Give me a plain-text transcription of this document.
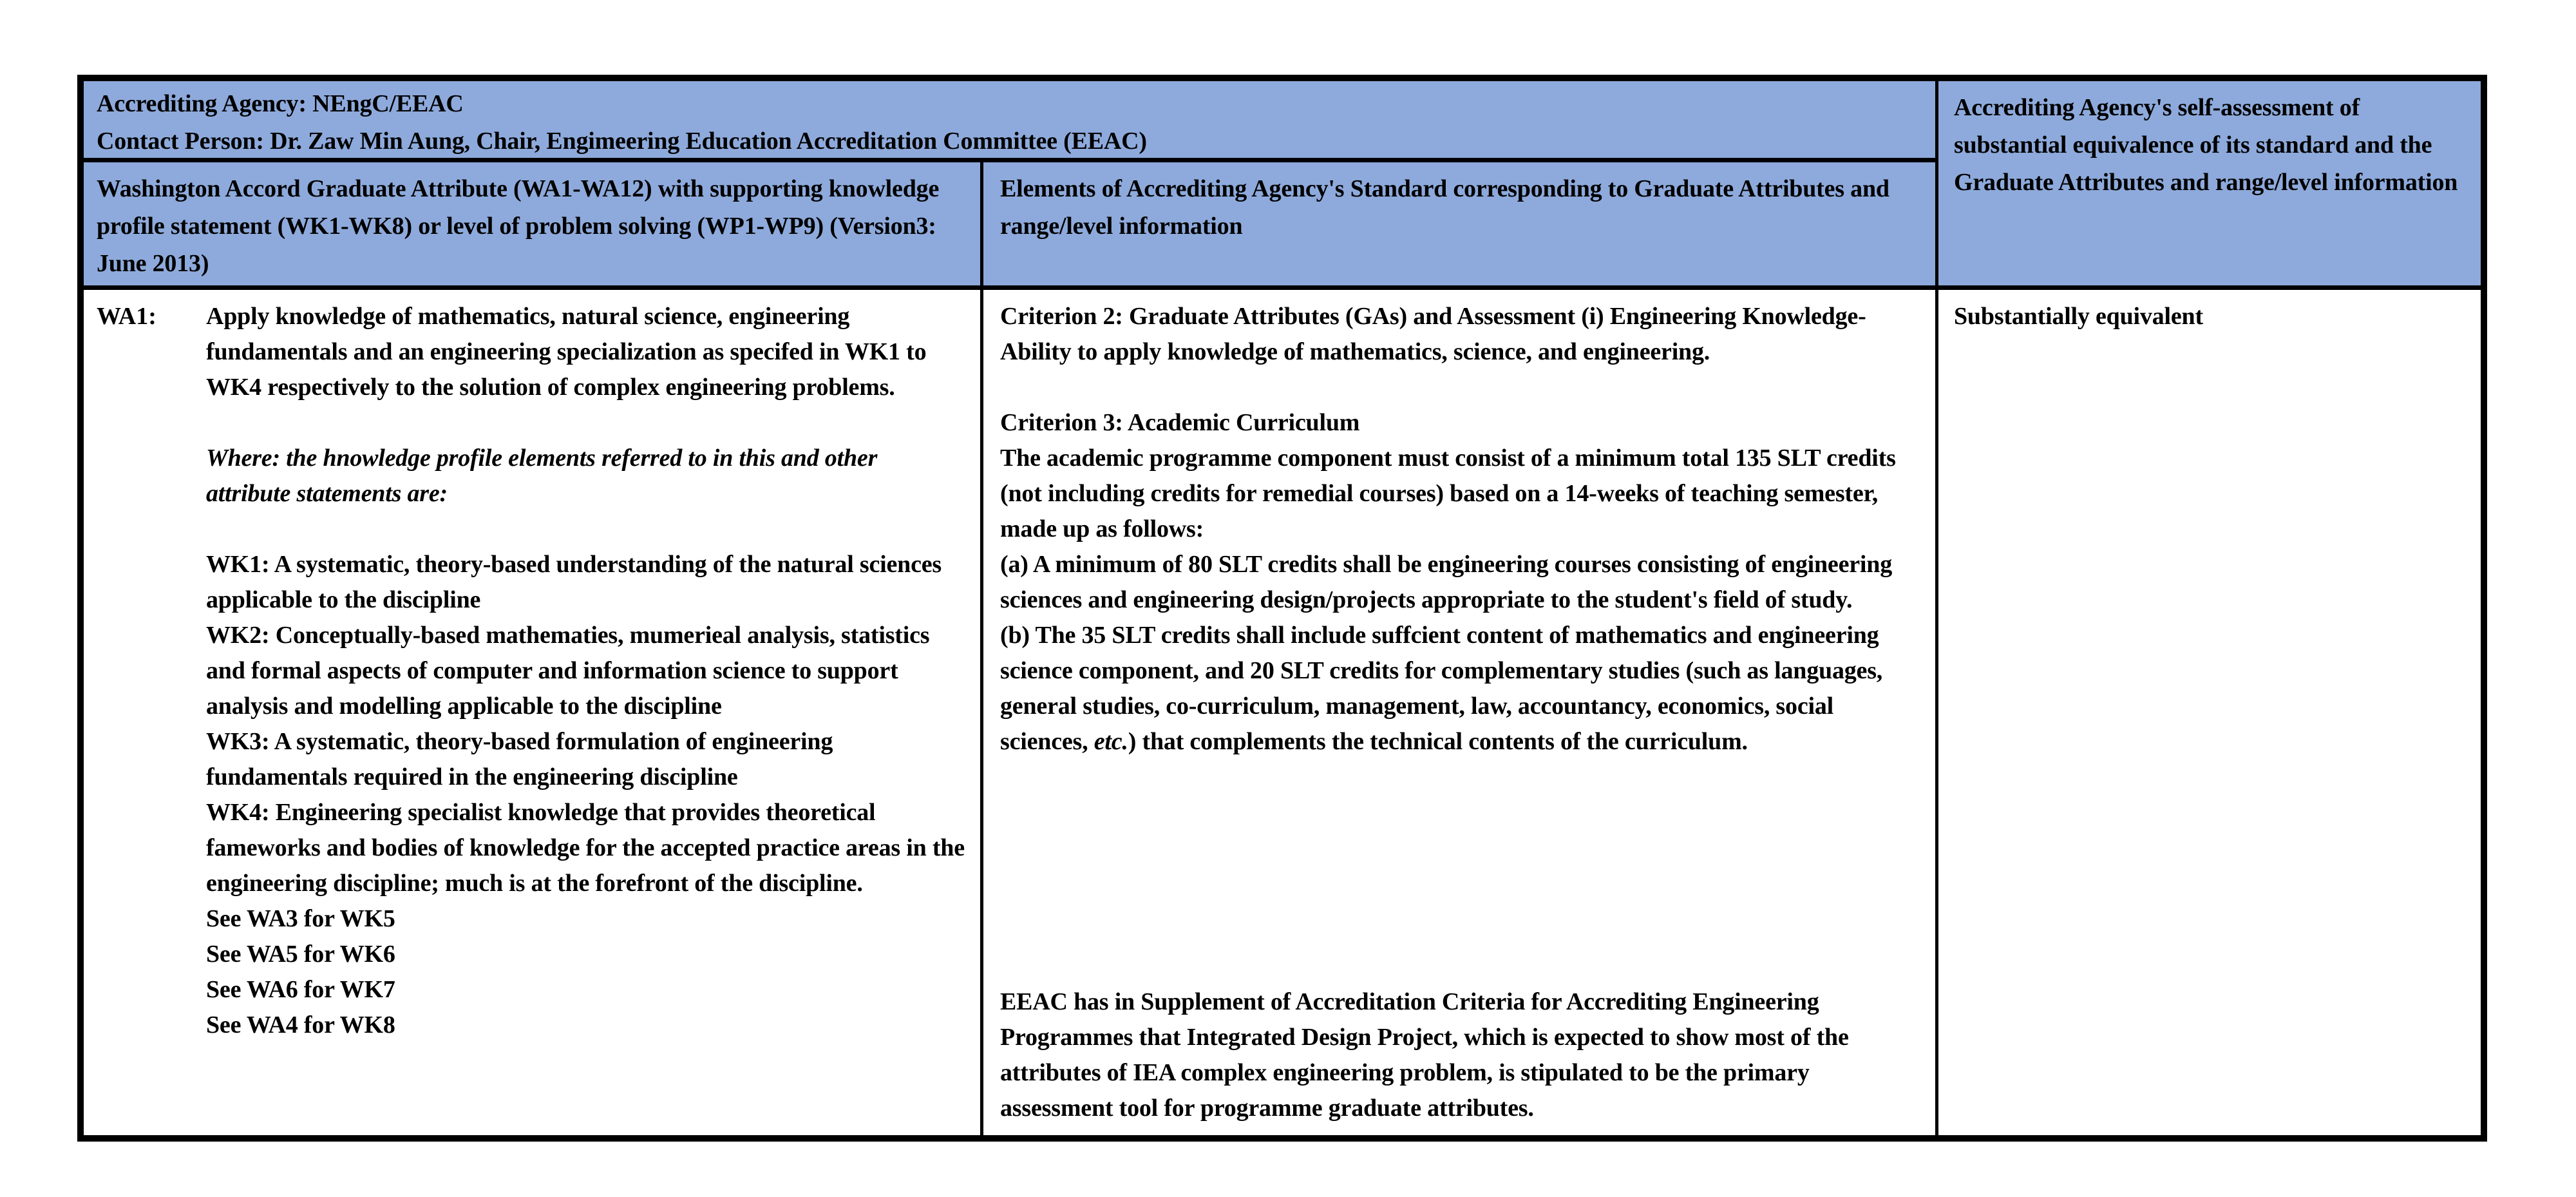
Accrediting Agency: NEngC/EEAC

Contact Person: Dr. Zaw Min Aung, Chair, Engimeering Education Accreditation Committee (EEAC)

Accrediting Agency's self-assessment of substantial equivalence of its standard and the Graduate Attributes and range/level information

Washington Accord Graduate Attribute (WA1-WA12) with supporting knowledge profile statement (WK1-WK8) or level of problem solving (WP1-WP9) (Version3: June 2013)

Elements of Accrediting Agency's Standard corresponding to Graduate Attributes and range/level information

WA1: Apply knowledge of mathematics, natural science, engineering fundamentals and an engineering specialization as specifed in WK1 to WK4 respectively to the solution of complex engineering problems.

Where: the hnowledge profile elements referred to in this and other attribute statements are:

WK1: A systematic, theory-based understanding of the natural sciences applicable to the discipline

WK2: Conceptually-based mathematies, mumerieal analysis, statistics and formal aspects of computer and information science to support analysis and modelling applicable to the discipline

WK3: A systematic, theory-based formulation of engineering fundamentals required in the engineering discipline

WK4: Engineering specialist knowledge that provides theoretical fameworks and bodies of knowledge for the accepted practice areas in the engineering discipline; much is at the forefront of the discipline.

See WA3 for WK5

See WA5 for WK6

See WA6 for WK7

See WA4 for WK8

Criterion 2: Graduate Attributes (GAs) and Assessment (i) Engineering Knowledge-Ability to apply knowledge of mathematics, science, and engineering.

Criterion 3: Academic Curriculum

The academic programme component must consist of a minimum total 135 SLT credits (not including credits for remedial courses) based on a 14-weeks of teaching semester, made up as follows:

(a) A minimum of 80 SLT credits shall be engineering courses consisting of engineering sciences and engineering design/projects appropriate to the student's field of study.

(b) The 35 SLT credits shall include suffcient content of mathematics and engineering science component, and 20 SLT credits for complementary studies (such as languages, general studies, co-curriculum, management, law, accountancy, economics, social sciences, etc.) that complements the technical contents of the curriculum.

EEAC has in Supplement of Accreditation Criteria for Accrediting Engineering Programmes that Integrated Design Project, which is expected to show most of the attributes of IEA complex engineering problem, is stipulated to be the primary assessment tool for programme graduate attributes.

Substantially equivalent
